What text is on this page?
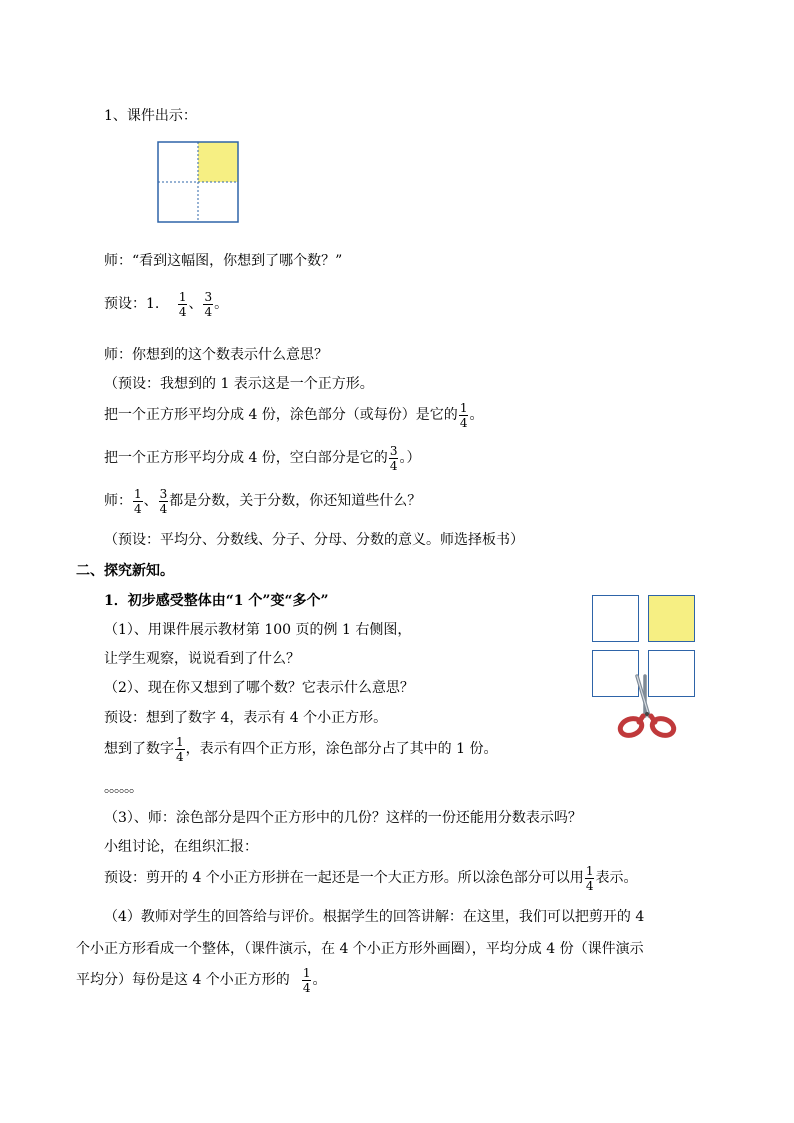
1、课件出示：
师：“看到这幅图，你想到了哪个数？”
预设：1. $\frac{1}{4}$ 、 $\frac{3}{4}$ 。
师：你想到的这个数表示什么意思？
（预设：我想到的 1 表示这是一个正方形。
把一个正方形平均分成 4 份，涂色部分（或每份）是它的 $\frac{1}{4}$ 。
把一个正方形平均分成 4 份，空白部分是它的 $\frac{3}{4}$ 。）
师： $\frac{1}{4}$ 、 $\frac{3}{4}$ 都是分数，关于分数，你还知道些什么？
（预设：平均分、分数线、分子、分母、分数的意义。师选择板书）
二、探究新知。
1．初步感受整体由“1 个”变“多个”
（1）、用课件展示教材第 100 页的例 1 右侧图，
让学生观察，说说看到了什么？
（2）、现在你又想到了哪个数？它表示什么意思？
预设：想到了数字 4，表示有 4 个小正方形。
想到了数字 $\frac{1}{4}$ ，表示有四个正方形，涂色部分占了其中的 1 份。
。。。。。。
（3）、师：涂色部分是四个正方形中的几份？这样的一份还能用分数表示吗？
小组讨论，在组织汇报：
预设：剪开的 4 个小正方形拼在一起还是一个大正方形。所以涂色部分可以用 $\frac{1}{4}$ 表示。
（4）教师对学生的回答给与评价。根据学生的回答讲解：在这里，我们可以把剪开的 4
个小正方形看成一个整体，（课件演示，在 4 个小正方形外画圈），平均分成 4 份（课件演示
平均分）每份是这 4 个小正方形的 $\frac{1}{4}$ 。
